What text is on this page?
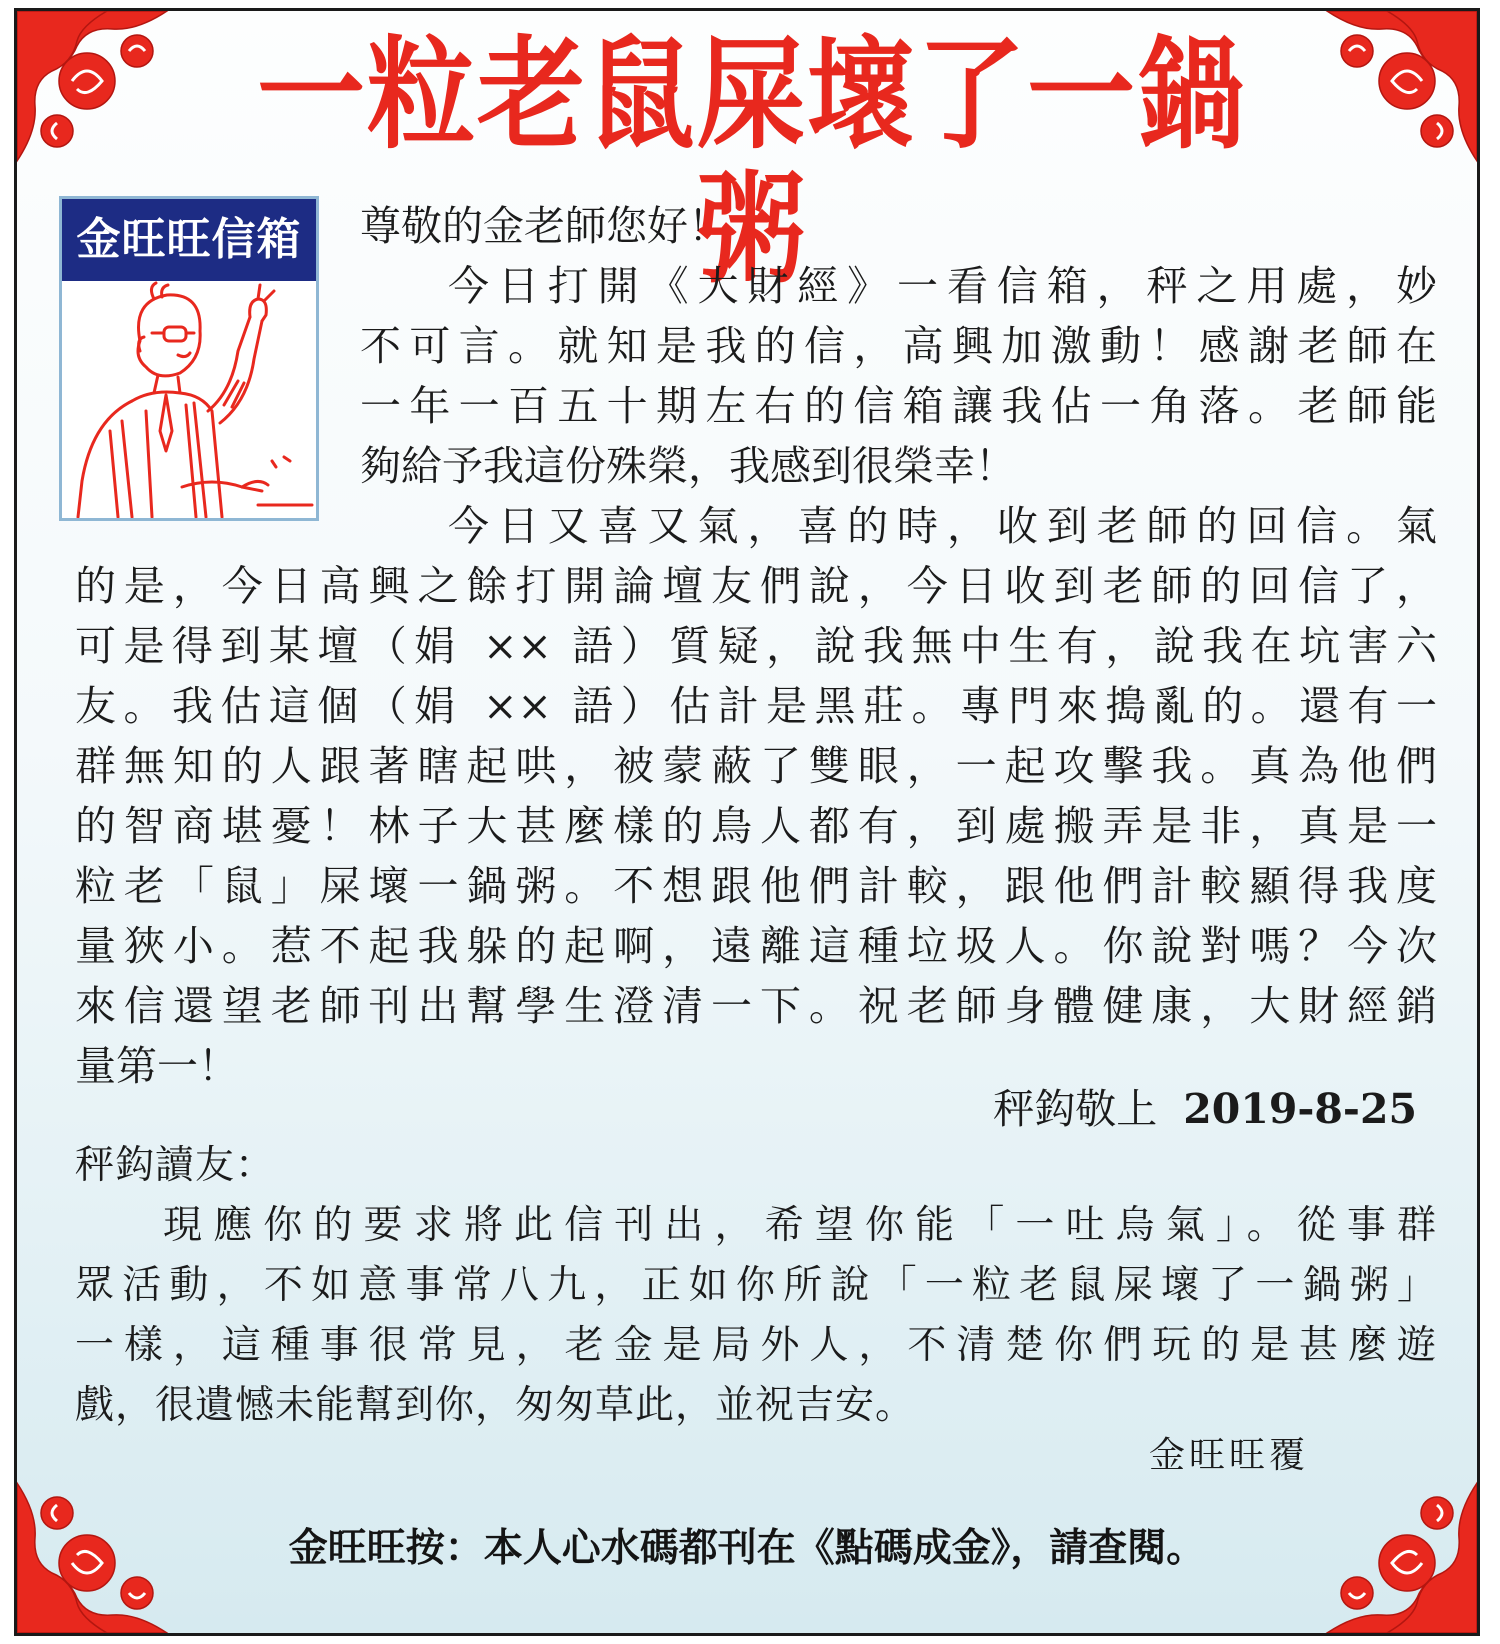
一粒老鼠屎壞了一鍋粥
金旺旺信箱	尊敬的金老師您好！
今日打開《大財經》一看信箱，秤之用處，妙
不可言。就知是我的信，高興加激動！感謝老師在
一年一百五十期左右的信箱讓我佔一角落。老師能
夠給予我這份殊榮，我感到很榮幸！
今日又喜又氣，喜的時，收到老師的回信。氣
的是，今日高興之餘打開論壇友們說，今日收到老師的回信了，
可是得到某壇（娟 ×× 語）質疑，說我無中生有，說我在坑害六
友。我估這個（娟 ×× 語）估計是黑莊。專門來搗亂的。還有一
群無知的人跟著瞎起哄，被蒙蔽了雙眼，一起攻擊我。真為他們
的智商堪憂！林子大甚麼樣的鳥人都有，到處搬弄是非，真是一
粒老「鼠」屎壞一鍋粥。不想跟他們計較，跟他們計較顯得我度
量狹小。惹不起我躲的起啊，遠離這種垃圾人。你說對嗎？今次
來信還望老師刊出幫學生澄清一下。祝老師身體健康，大財經銷
量第一！
秤鈎敬上 2019-8-25
秤鈎讀友：
現應你的要求將此信刊出，希望你能「一吐烏氣」。從事群
眾活動，不如意事常八九，正如你所說「一粒老鼠屎壞了一鍋粥」
一樣，這種事很常見，老金是局外人，不清楚你們玩的是甚麼遊
戲，很遺憾未能幫到你，匆匆草此，並祝吉安。
金旺旺覆
金旺旺按：本人心水碼都刊在《點碼成金》，請查閱。
